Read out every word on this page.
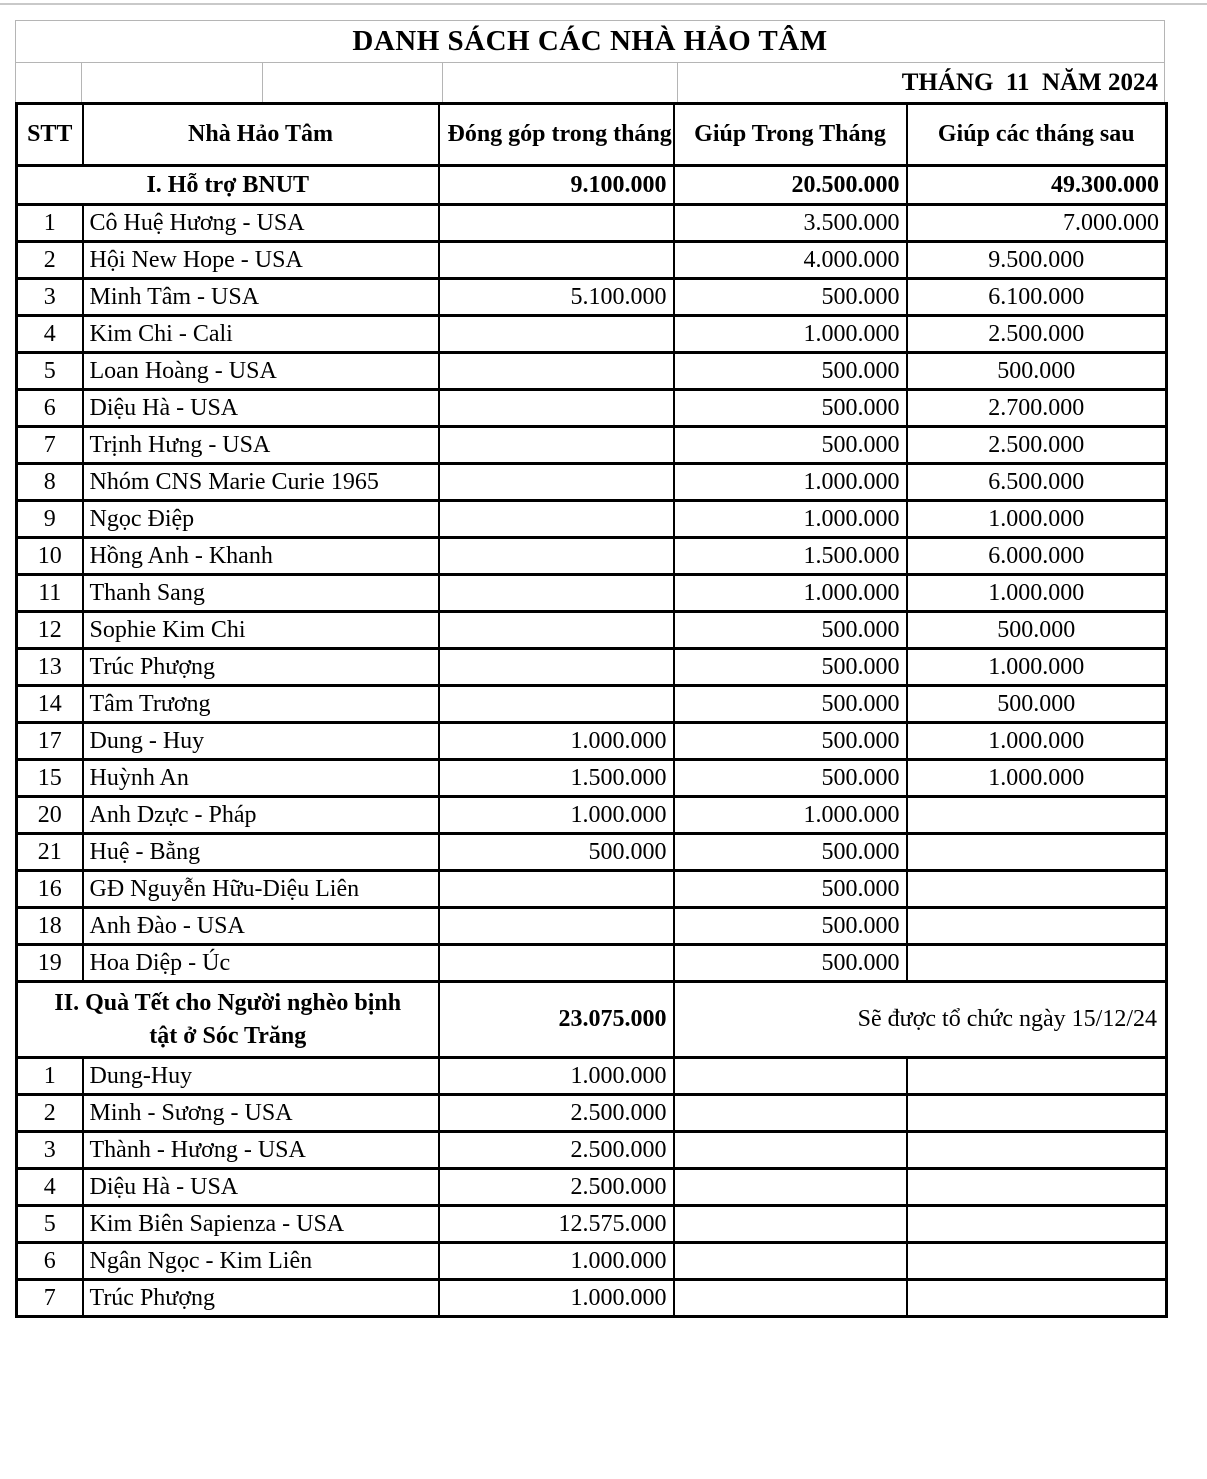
DANH SÁCH CÁC NHÀ HẢO TÂM
THÁNG  11  NĂM 2024
STT	Nhà Hảo Tâm	Đóng góp trong tháng	Giúp Trong Tháng	Giúp các tháng sau
I. Hỗ trợ BNUT		9.100.000	20.500.000	49.300.000
1	Cô Huệ Hương - USA		3.500.000	7.000.000
2	Hội New Hope - USA		4.000.000	9.500.000
3	Minh Tâm - USA	5.100.000	500.000	6.100.000
4	Kim Chi - Cali		1.000.000	2.500.000
5	Loan Hoàng - USA		500.000	500.000
6	Diệu Hà - USA		500.000	2.700.000
7	Trịnh Hưng - USA		500.000	2.500.000
8	Nhóm CNS Marie Curie 1965		1.000.000	6.500.000
9	Ngọc Điệp		1.000.000	1.000.000
10	Hồng Anh - Khanh		1.500.000	6.000.000
11	Thanh Sang		1.000.000	1.000.000
12	Sophie Kim Chi		500.000	500.000
13	Trúc Phượng		500.000	1.000.000
14	Tâm Trương		500.000	500.000
17	Dung - Huy	1.000.000	500.000	1.000.000
15	Huỳnh An	1.500.000	500.000	1.000.000
20	Anh Dzực - Pháp	1.000.000	1.000.000	
21	Huệ - Bằng	500.000	500.000	
16	GĐ Nguyễn Hữu-Diệu Liên		500.000	
18	Anh Đào - USA		500.000	
19	Hoa Diệp - Úc		500.000	

II. Quà Tết cho Người nghèo bịnh
tật ở Sóc Trăng		23.075.000	Sẽ được tổ chức ngày 15/12/24	
1	Dung-Huy	1.000.000		
2	Minh - Sương - USA	2.500.000		
3	Thành - Hương - USA	2.500.000		
4	Diệu Hà - USA	2.500.000		
5	Kim Biên Sapienza - USA	12.575.000		
6	Ngân Ngọc - Kim Liên	1.000.000		
7	Trúc Phượng	1.000.000		
